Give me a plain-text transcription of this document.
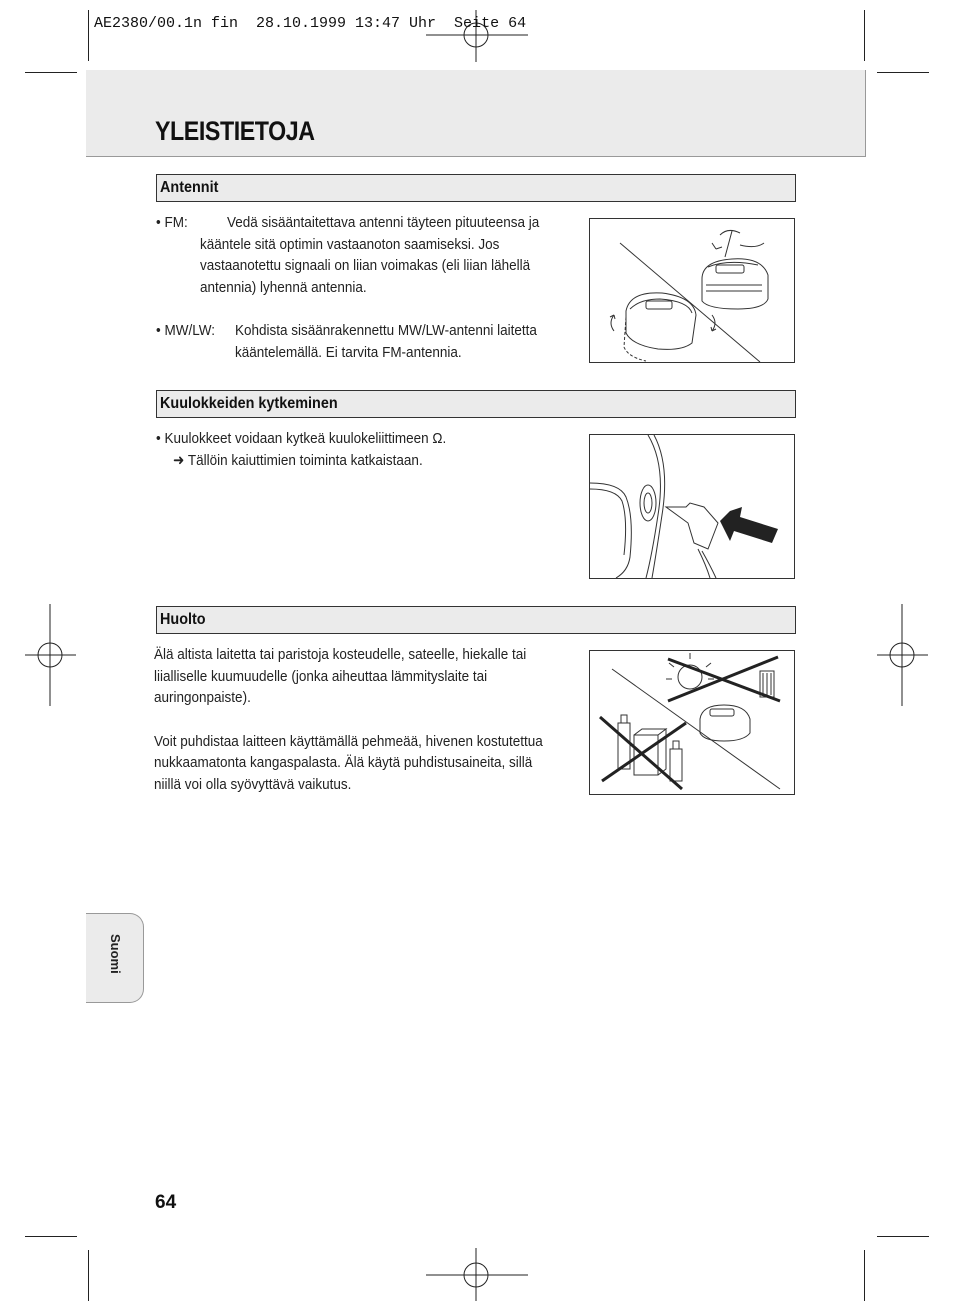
AE2380/00.1n fin  28.10.1999 13:47 Uhr  Seite 64
YLEISTIETOJA
Antennit
• FM:	Vedä sisääntaitettava antenni täyteen pituuteensa ja
kääntele sitä optimin vastaanoton saamiseksi. Jos
vastaanotettu signaali on liian voimakas (eli liian lähellä
antennia) lyhennä antennia.
• MW/LW: Kohdista sisäänrakennettu MW/LW-antenni laitetta
kääntelemällä. Ei tarvita FM-antennia.
Kuulokkeiden kytkeminen
• Kuulokkeet voidaan kytkeä kuulokeliittimeen Ω.
➜ Tällöin kaiuttimien toiminta katkaistaan.
Huolto
Älä altista laitetta tai paristoja kosteudelle, sateelle, hiekalle tai
liialliselle kuumuudelle (jonka aiheuttaa lämmityslaite tai
auringonpaiste).
Voit puhdistaa laitteen käyttämällä pehmeää, hivenen kostutettua
nukkaamatonta kangaspalasta. Älä käytä puhdistusaineita, sillä
niillä voi olla syövyttävä vaikutus.
Suomi
64
